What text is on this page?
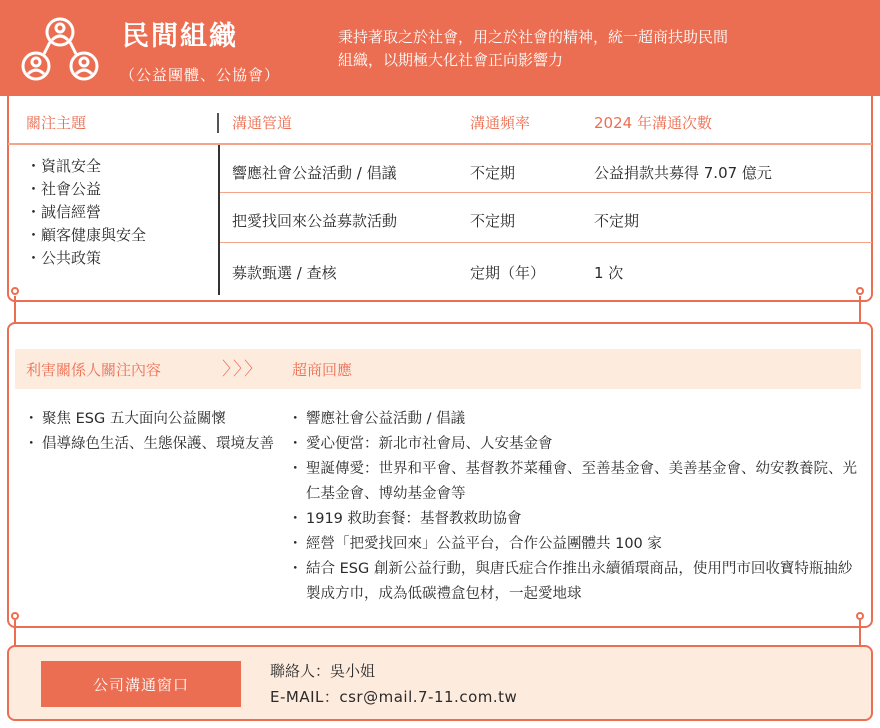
民間組織
（公益團體、公協會）
秉持著取之於社會，用之於社會的精神，統一超商扶助民間
組織，以期極大化社會正向影響力
關注主題	溝通管道	溝通頻率	2024 年溝通次數
・ 資訊安全
・ 社會公益
・ 誠信經營
・ 顧客健康與安全
・ 公共政策
響應社會公益活動 / 倡議	不定期	公益捐款共募得 7.07 億元
把愛找回來公益募款活動	不定期	不定期
募款甄選 / 查核	定期（年）	1 次
利害關係人關注內容	〉〉〉 超商回應
・ 聚焦 ESG 五大面向公益關懷
・ 倡導綠色生活、生態保護、環境友善
・ 響應社會公益活動 / 倡議
・ 愛心便當：新北市社會局、人安基金會
・ 聖誕傳愛：世界和平會、基督教芥菜種會、至善基金會、美善基金會、幼安教養院、光仁基金會、博幼基金會等
・ 1919 救助套餐：基督教救助協會
・ 經營「把愛找回來」公益平台，合作公益團體共 100 家
・ 結合 ESG 創新公益行動，與唐氏症合作推出永續循環商品，使用門市回收寶特瓶抽紗製成方巾，成為低碳禮盒包材，一起愛地球
公司溝通窗口
聯絡人：吳小姐
E-MAIL：csr@mail.7-11.com.tw
